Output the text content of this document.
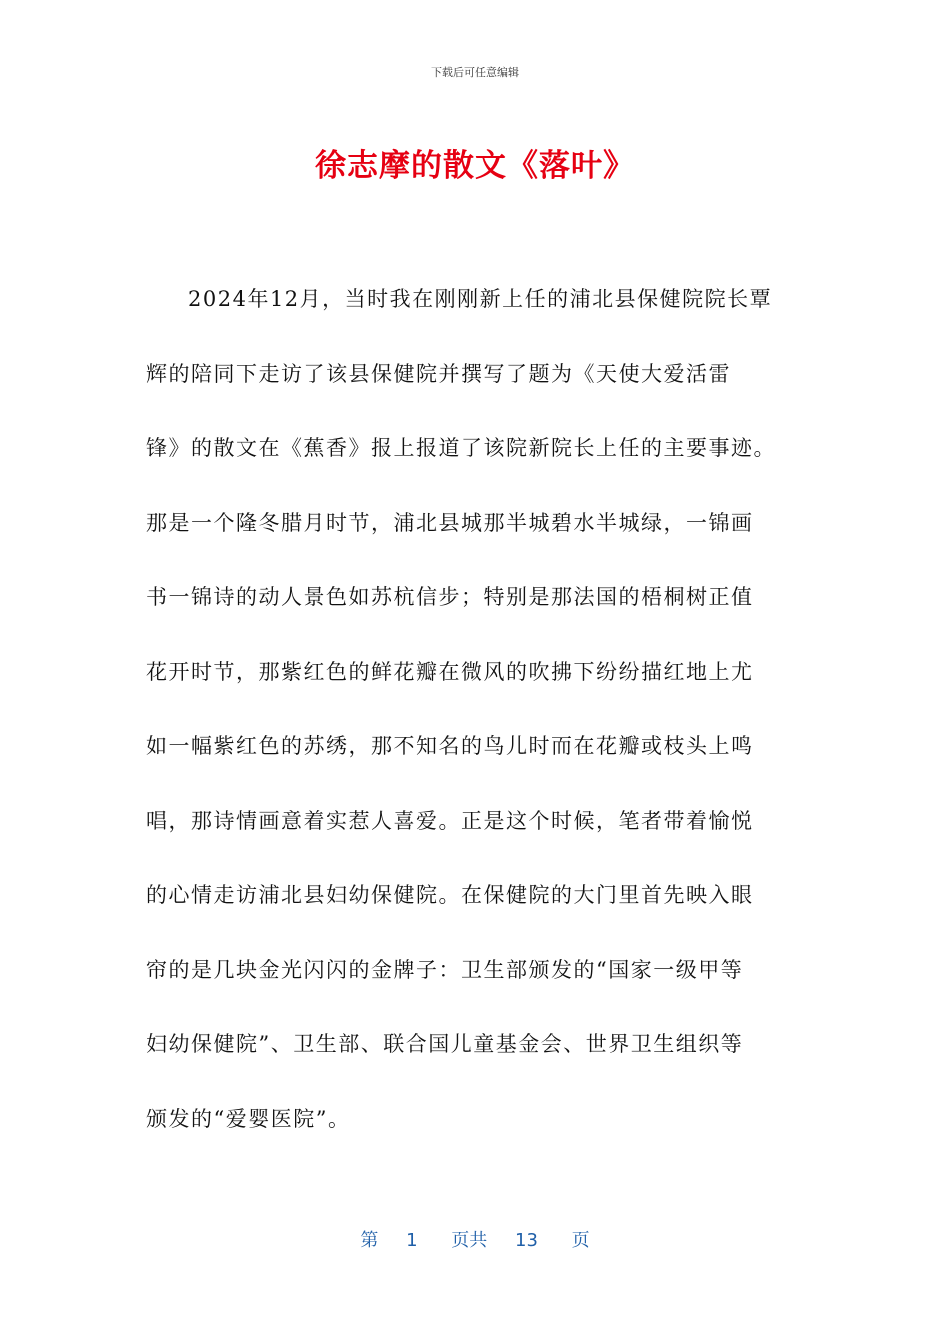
下载后可任意编辑

徐志摩的散文《落叶》
2024年12月，当时我在刚刚新上任的浦北县保健院院长覃
辉的陪同下走访了该县保健院并撰写了题为《天使大爱活雷
锋》的散文在《蕉香》报上报道了该院新院长上任的主要事迹。
那是一个隆冬腊月时节，浦北县城那半城碧水半城绿，一锦画
书一锦诗的动人景色如苏杭信步；特别是那法国的梧桐树正值
花开时节，那紫红色的鲜花瓣在微风的吹拂下纷纷描红地上尤
如一幅紫红色的苏绣，那不知名的鸟儿时而在花瓣或枝头上鸣
唱，那诗情画意着实惹人喜爱。正是这个时候，笔者带着愉悦
的心情走访浦北县妇幼保健院。在保健院的大门里首先映入眼
帘的是几块金光闪闪的金牌子：卫生部颁发的“国家一级甲等
妇幼保健院”、卫生部、联合国儿童基金会、世界卫生组织等
颁发的“爱婴医院”。
第 1 页共 13 页
